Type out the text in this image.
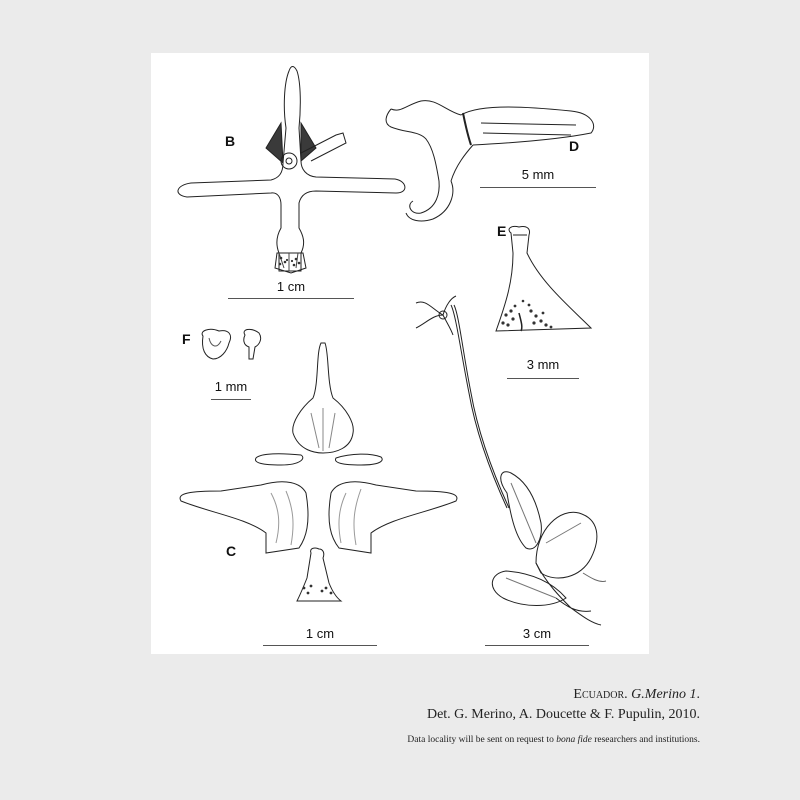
B
C
D
E
F
1 cm
5 mm
3 mm
1 mm
1 cm	3 cm
Ecuador. G.Merino 1.
Det. G. Merino, A. Doucette & F. Pupulin, 2010.
Data locality will be sent on request to bona fide researchers and institutions.
